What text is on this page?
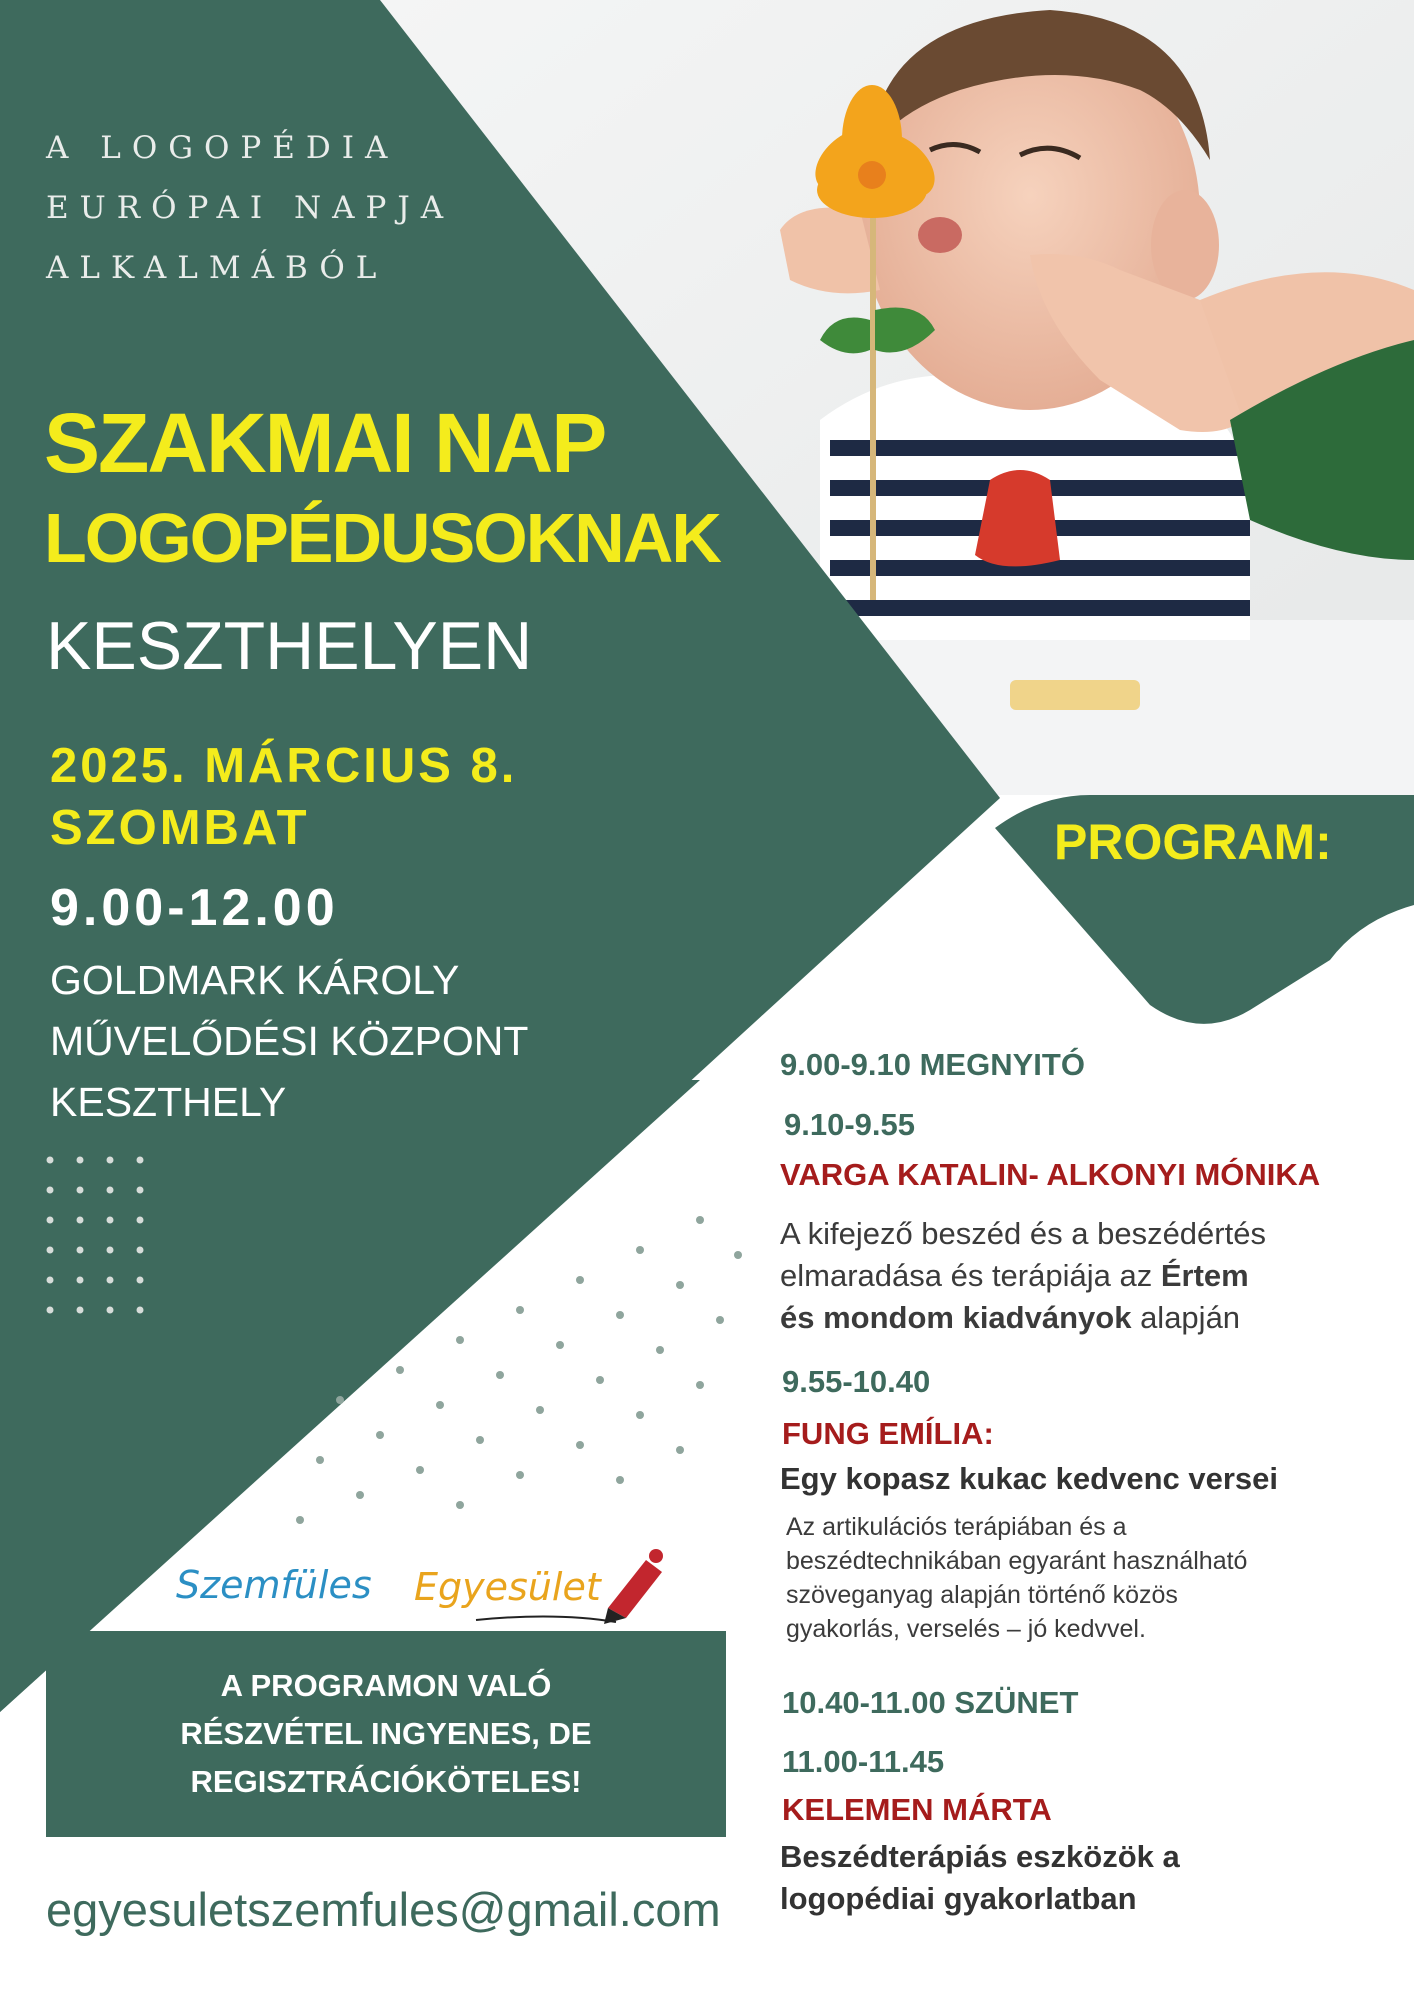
A LOGOPÉDIA
EURÓPAI NAPJA
ALKALMÁBÓL
SZAKMAI NAP
LOGOPÉDUSOKNAK
KESZTHELYEN
2025. MÁRCIUS 8.
SZOMBAT
9.00-12.00
GOLDMARK KÁROLY
MŰVELŐDÉSI KÖZPONT
KESZTHELY
PROGRAM:
9.00-9.10 MEGNYITÓ
9.10-9.55
VARGA KATALIN- ALKONYI MÓNIKA
A kifejező beszéd és a beszédértés
elmaradása és terápiája az Értem
és mondom kiadványok alapján
9.55-10.40
FUNG EMÍLIA:
Egy kopasz kukac kedvenc versei
Az artikulációs terápiában és a
beszédtechnikában egyaránt használható
szöveganyag alapján történő közös
gyakorlás, verselés – jó kedvvel.
10.40-11.00 SZÜNET
11.00-11.45
KELEMEN MÁRTA
Beszédterápiás eszközök a
logopédiai gyakorlatban
Szemfüles Egyesület
A PROGRAMON VALÓ
RÉSZVÉTEL INGYENES, DE
REGISZTRÁCIÓKÖTELES!
egyesuletszemfules@gmail.com
